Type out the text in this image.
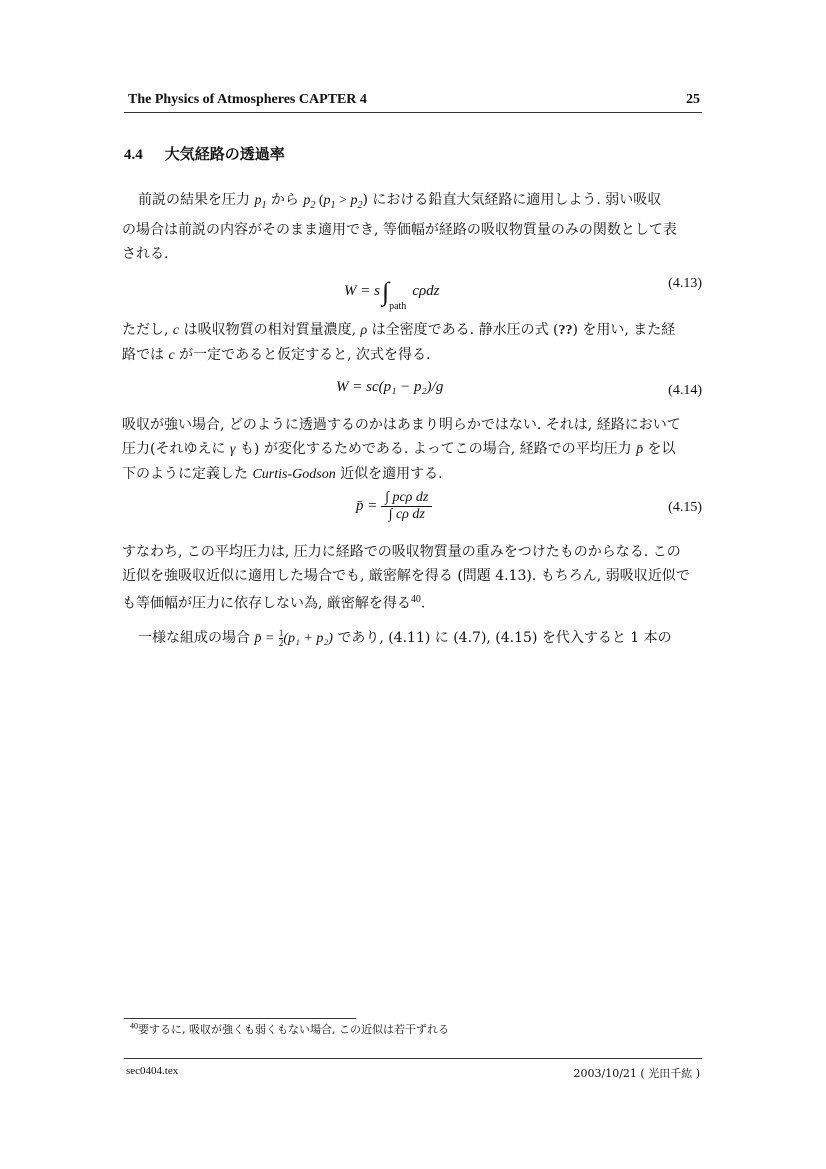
The Physics of Atmospheres CAPTER 4	25
4.4 大気経路の透過率
前説の結果を圧力 $p_1$ から $p_2$ $(p_1 > p_2)$ における鉛直大気経路に適用しよう. 弱い吸収
の場合は前説の内容がそのまま適用でき, 等価幅が経路の吸収物質量のみの関数として表
される.
$W = s\int_{path}c\rho dz$	(4.13)
ただし, c は吸収物質の相対質量濃度, ρ は全密度である. 静水圧の式 (??) を用い, また経
路では c が一定であると仮定すると, 次式を得る.
W = sc(p₁ − p₂)/g	(4.14)
吸収が強い場合, どのように透過するのかはあまり明らかではない. それは, 経路において
圧力(それゆえに γ も) が変化するためである. よってこの場合, 経路での平均圧力 p̄ を以
下のように定義した Curtis-Godson 近似を適用する.
p̄ = $\frac{\text{∫ pcρ dz}}{\text{∫ cρ dz}}$	(4.15)
すなわち, この平均圧力は, 圧力に経路での吸収物質量の重みをつけたものからなる. この
近似を強吸収近似に適用した場合でも, 厳密解を得る (問題 4.13). もちろん, 弱吸収近似で
も等価幅が圧力に依存しない為, 厳密解を得る$^{40}$.
一様な組成の場合 p̄ = $\frac{1}{2} (p_1 + p_2)$ であり, (4.11) に (4.7), (4.15) を代入すると 1 本の
$^{40}$要するに, 吸収が強くも弱くもない場合, この近似は若干ずれる
sec0404.tex	2003/10/21 ( 光田千紘 )
